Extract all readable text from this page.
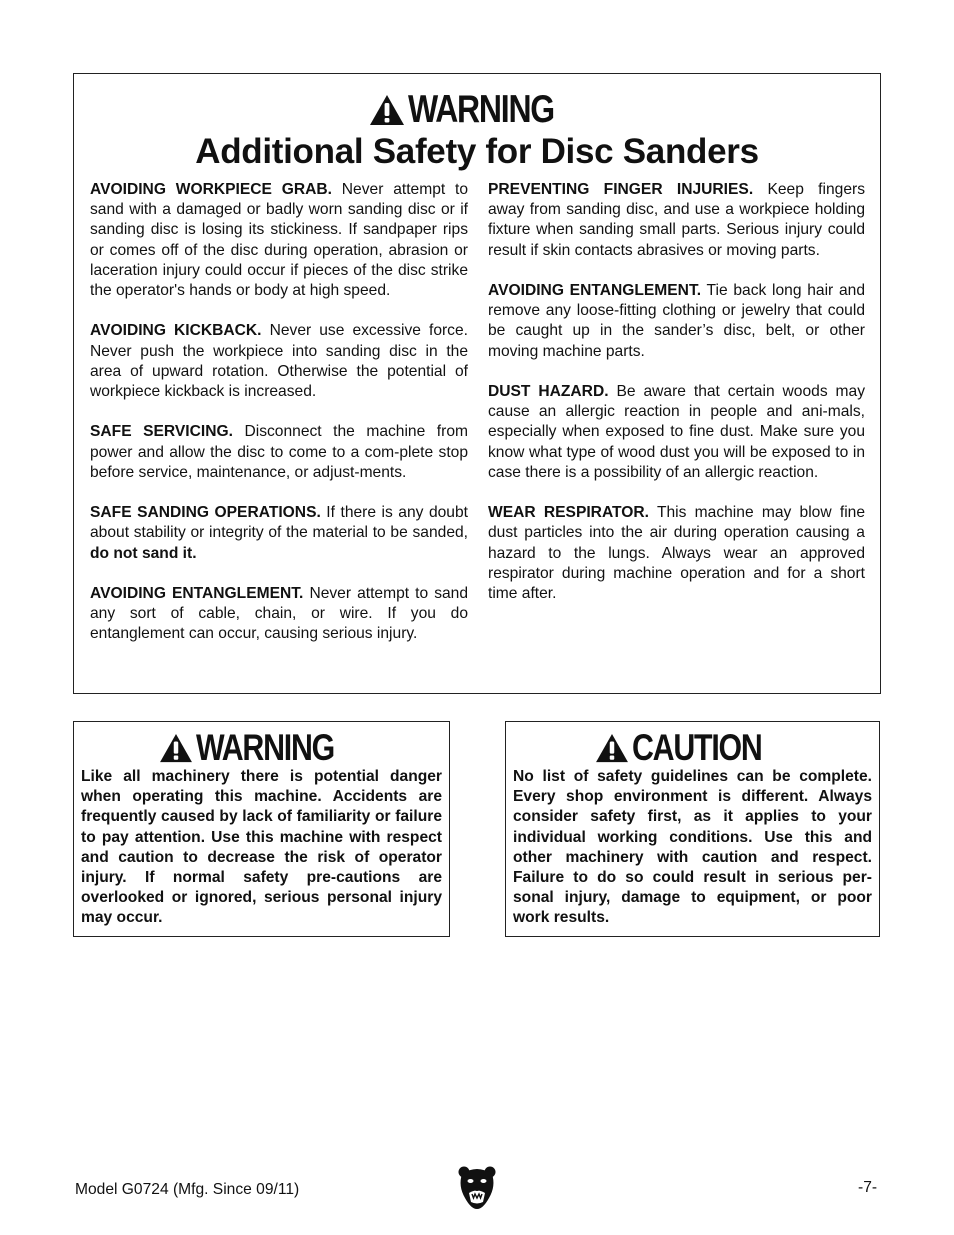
WARNING
Additional Safety for Disc Sanders

AVOIDING WORKPIECE GRAB. Never attempt to sand with a damaged or badly worn sanding disc or if sanding disc is losing its stickiness. If sandpaper rips or comes off of the disc during operation, abrasion or laceration injury could occur if pieces of the disc strike the operator's hands or body at high speed.

AVOIDING KICKBACK. Never use excessive force. Never push the workpiece into sanding disc in the area of upward rotation. Otherwise the potential of workpiece kickback is increased.

SAFE SERVICING. Disconnect the machine from power and allow the disc to come to a com-plete stop before service, maintenance, or adjust-ments.

SAFE SANDING OPERATIONS. If there is any doubt about stability or integrity of the material to be sanded, do not sand it.

AVOIDING ENTANGLEMENT. Never attempt to sand any sort of cable, chain, or wire. If you do entanglement can occur, causing serious injury.

PREVENTING FINGER INJURIES. Keep fingers away from sanding disc, and use a workpiece holding fixture when sanding small parts. Serious injury could result if skin contacts abrasives or moving parts.

AVOIDING ENTANGLEMENT. Tie back long hair and remove any loose-fitting clothing or jewelry that could be caught up in the sander’s disc, belt, or other moving machine parts.

DUST HAZARD. Be aware that certain woods may cause an allergic reaction in people and ani-mals, especially when exposed to fine dust. Make sure you know what type of wood dust you will be exposed to in case there is a possibility of an allergic reaction.

WEAR RESPIRATOR. This machine may blow fine dust particles into the air during operation causing a hazard to the lungs. Always wear an approved respirator during machine operation and for a short time after.

WARNING
Like all machinery there is potential danger when operating this machine. Accidents are frequently caused by lack of familiarity or failure to pay attention. Use this machine with respect and caution to decrease the risk of operator injury. If normal safety pre-cautions are overlooked or ignored, serious personal injury may occur.
CAUTION
No list of safety guidelines can be complete. Every shop environment is different. Always consider safety first, as it applies to your individual working conditions. Use this and other machinery with caution and respect. Failure to do so could result in serious per-sonal injury, damage to equipment, or poor work results.
Model G0724 (Mfg. Since 09/11)	-7-
